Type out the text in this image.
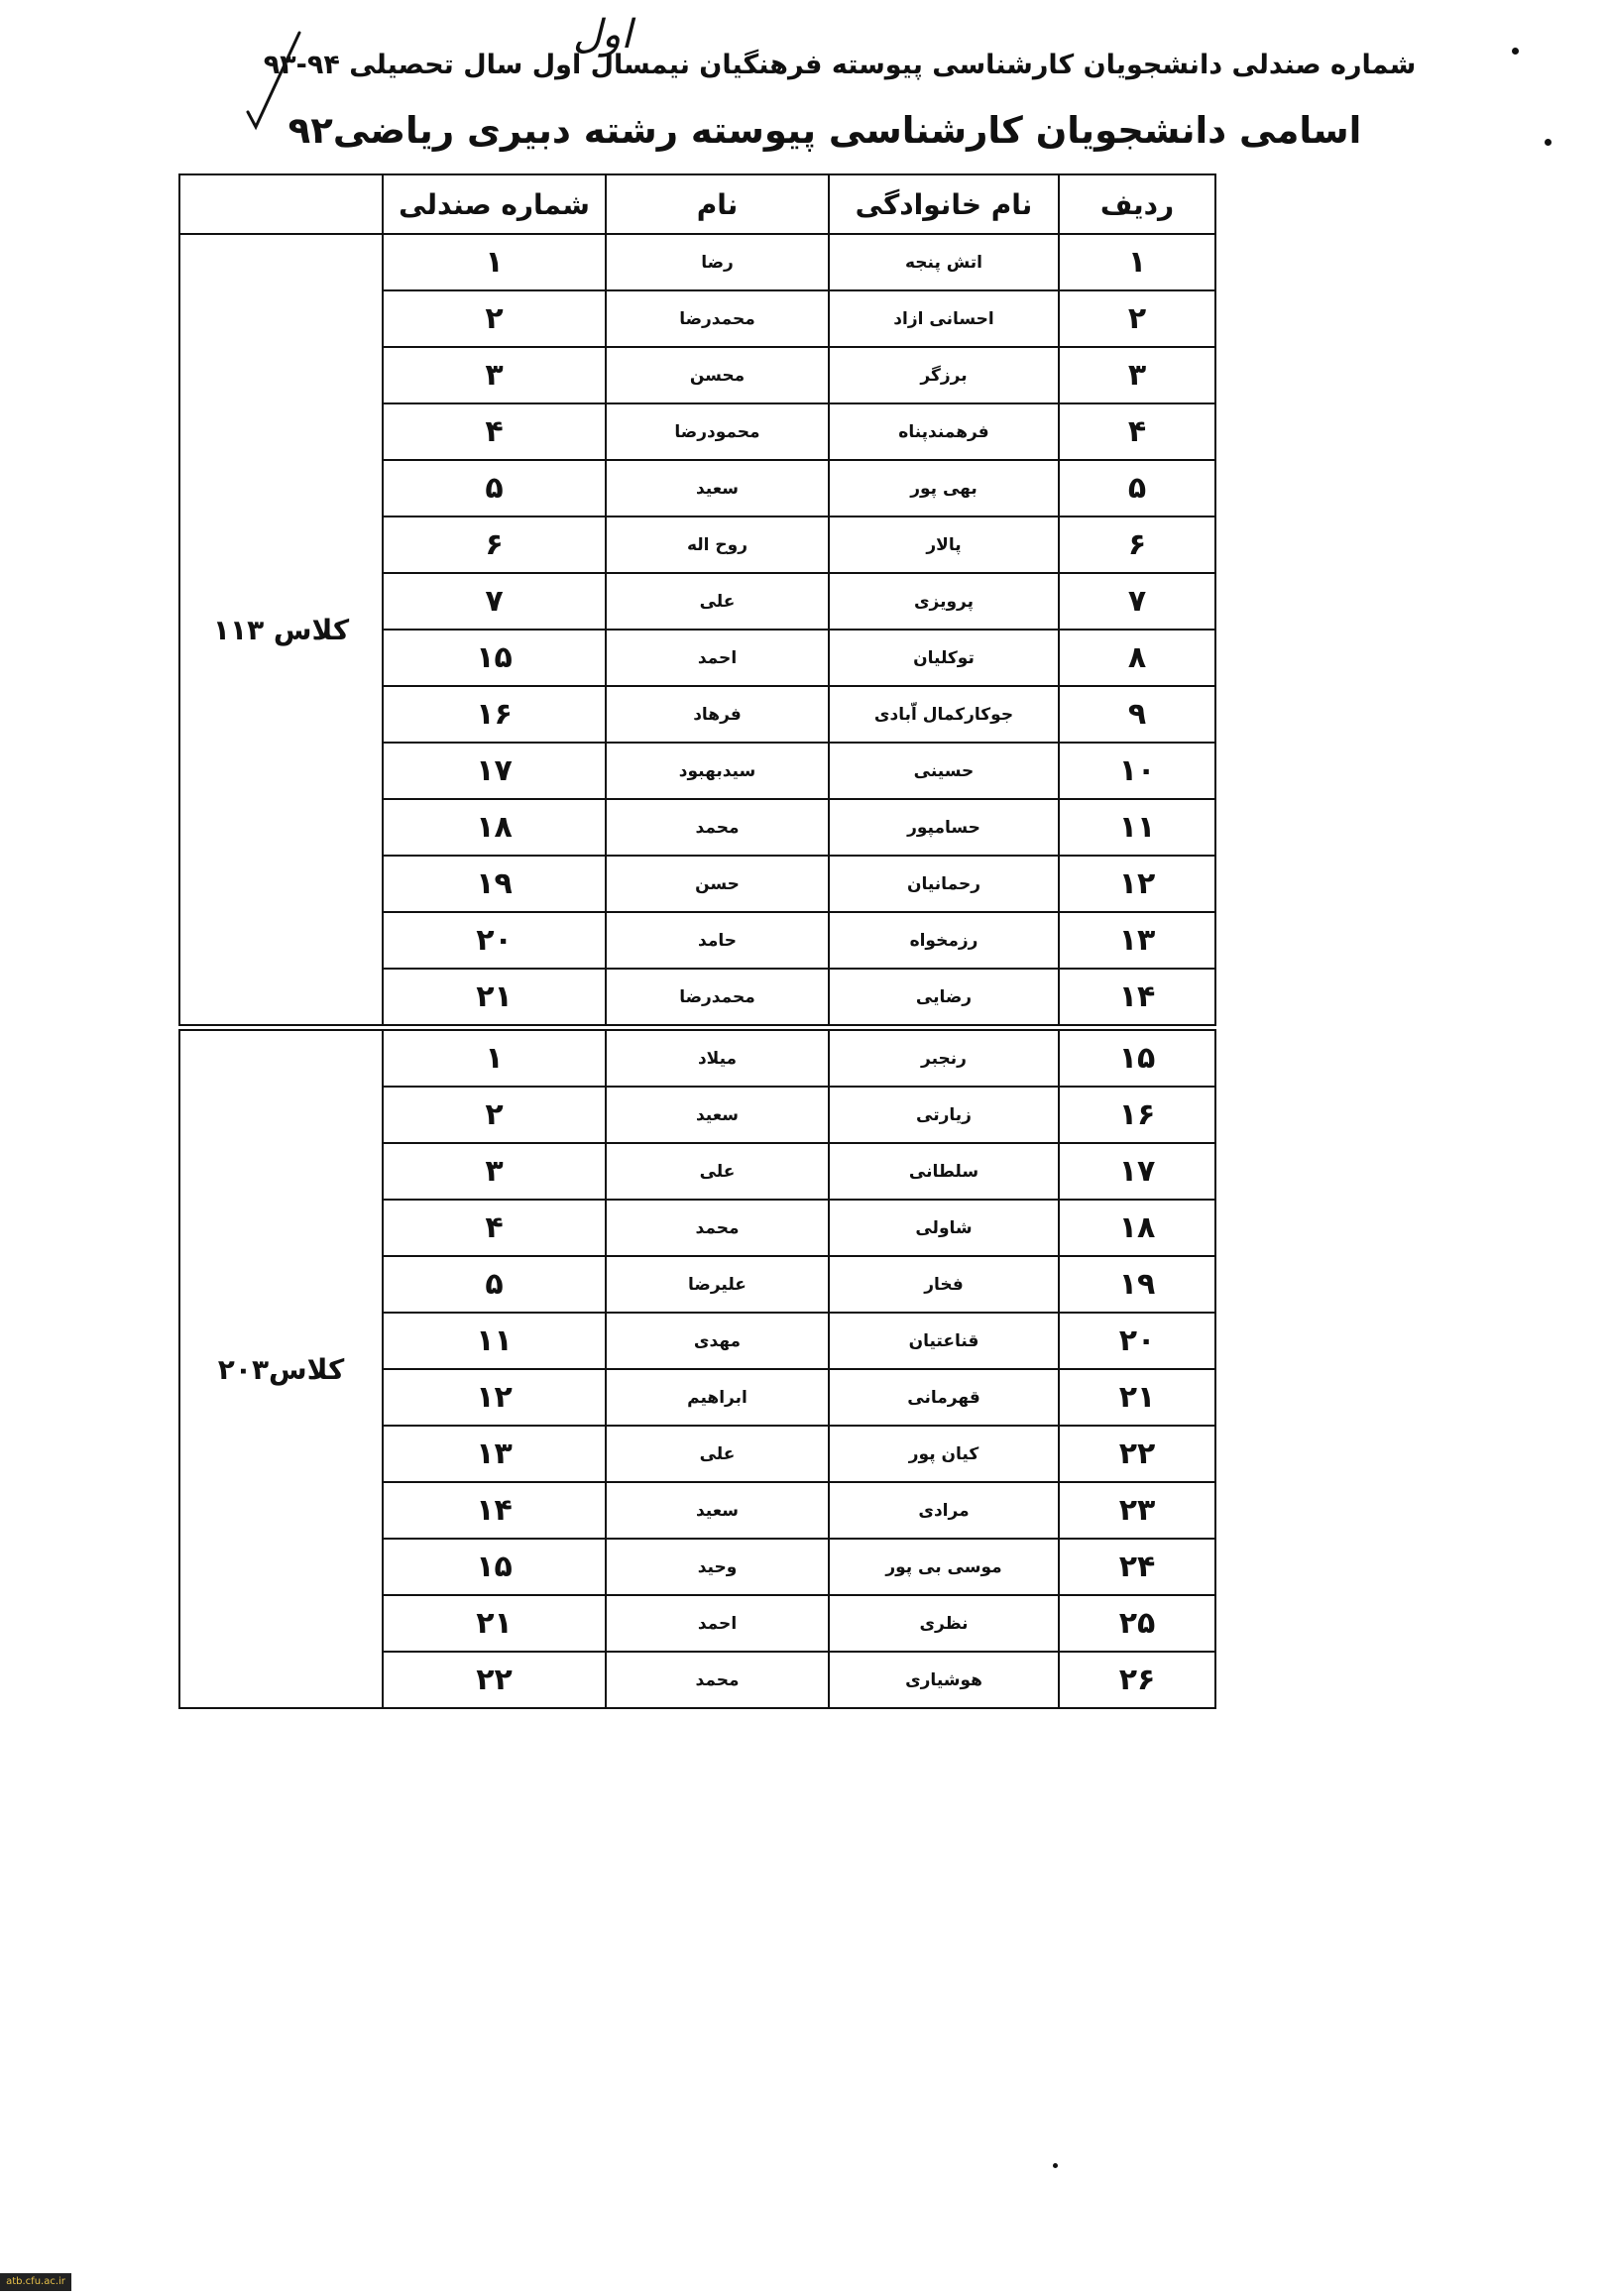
شماره صندلی دانشجویان کارشناسی پیوسته فرهنگیان نیمسال اول سال تحصیلی ۹۴-۹۳
اول
اسامی دانشجویان کارشناسی پیوسته رشته دبیری ریاضی۹۲
ردیف	نام خانوادگی	نام	شماره صندلی	
۱	اتش پنجه	رضا	۱	کلاس ۱۱۳
۲	احسانی ازاد	محمدرضا	۲	
۳	برزگر	محسن	۳	
۴	فرهمندپناه	محمودرضا	۴	
۵	بهی پور	سعید	۵	
۶	پالار	روح اله	۶	
۷	پرویزی	علی	۷	
۸	توکلیان	احمد	۱۵	
۹	جوکارکمال اّبادی	فرهاد	۱۶	
۱۰	حسینی	سیدبهبود	۱۷	
۱۱	حسامپور	محمد	۱۸	
۱۲	رحمانیان	حسن	۱۹	
۱۳	رزمخواه	حامد	۲۰	
۱۴	رضایی	محمدرضا	۲۱	
۱۵	رنجبر	میلاد	۱	کلاس۲۰۳
۱۶	زیارتی	سعید	۲	
۱۷	سلطانی	علی	۳	
۱۸	شاولی	محمد	۴	
۱۹	فخار	علیرضا	۵	
۲۰	قناعتیان	مهدی	۱۱	
۲۱	قهرمانی	ابراهیم	۱۲	
۲۲	کیان پور	علی	۱۳	
۲۳	مرادی	سعید	۱۴	
۲۴	موسی بی پور	وحید	۱۵	
۲۵	نظری	احمد	۲۱	
۲۶	هوشیاری	محمد	۲۲	
atb.cfu.ac.ir
